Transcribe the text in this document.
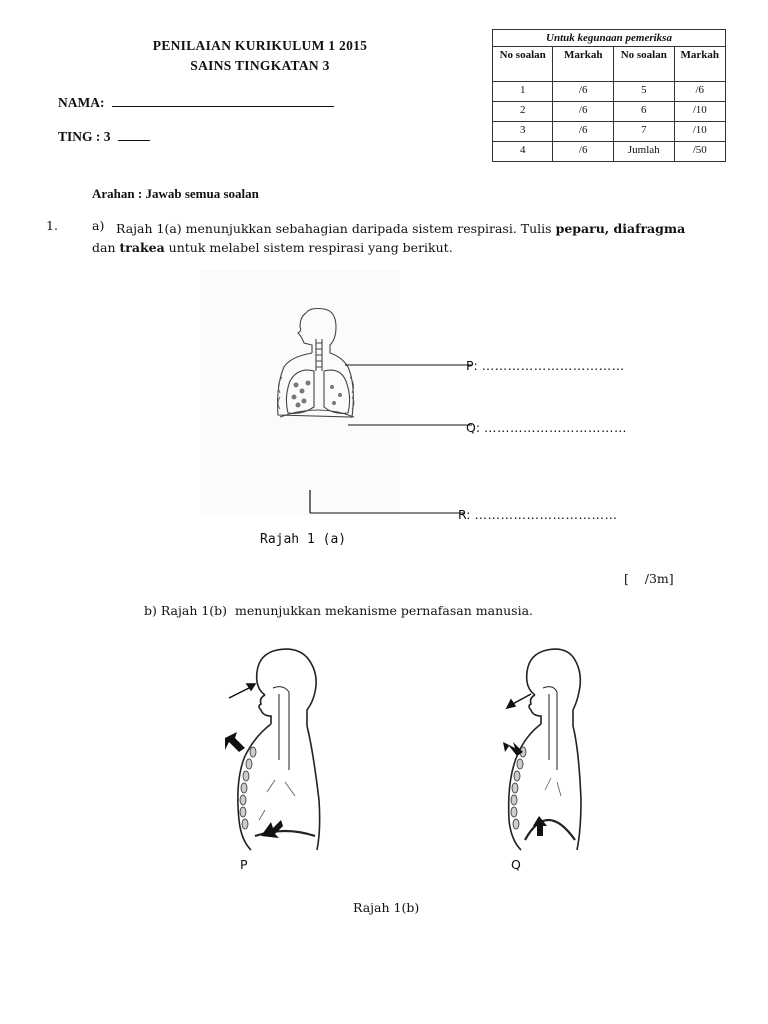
PENILAIAN KURIKULUM 1 2015
SAINS TINGKATAN 3
NAMA:
TING : 3
Untuk kegunaan pemeriksa			
No soalan	Markah	No soalan	Markah
1	/6	5	/6
2	/6	6	/10
3	/6	7	/10
4	/6	Jumlah	/50
Arahan : Jawab semua soalan
1.	a) Rajah 1(a) menunjukkan sebahagian daripada sistem respirasi. Tulis peparu, diafragma
dan trakea untuk melabel sistem respirasi yang berikut.
P: ……………………………
Q: ……………………………
R: ……………………………
Rajah 1 (a)
[    /3m]
b) Rajah 1(b)  menunjukkan mekanisme pernafasan manusia.
P	Q
Rajah 1(b)
